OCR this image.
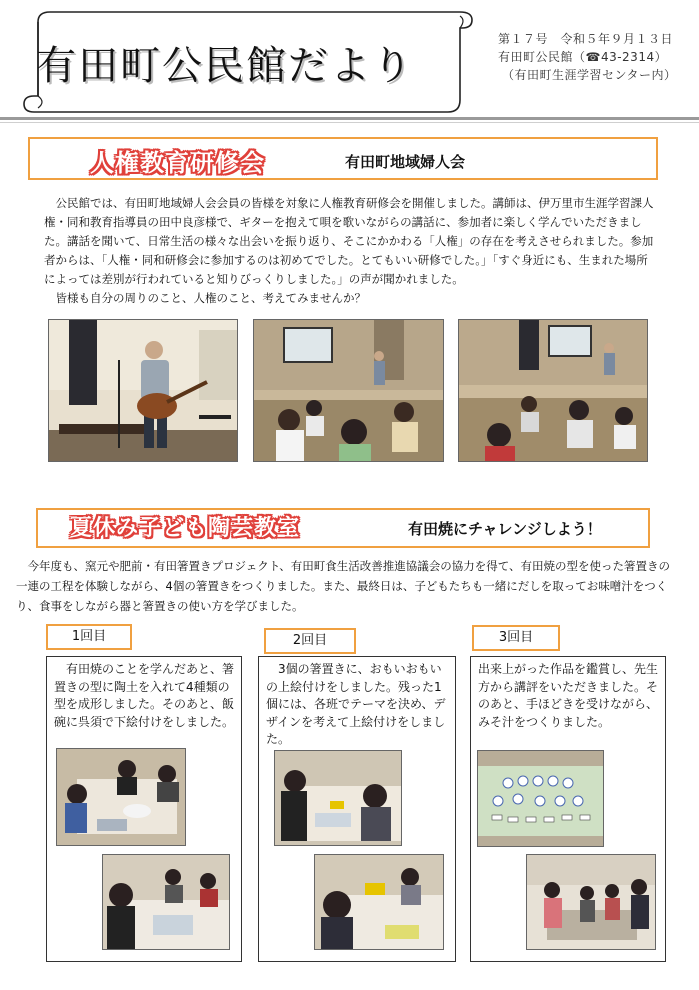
有田町公民館だより
第１７号　令和５年９月１３日
有田町公民館（☎43-2314）
（有田町生涯学習センター内）
人権教育研修会	有田町地域婦人会

　公民館では、有田町地域婦人会会員の皆様を対象に人権教育研修会を開催しました。講師は、伊万里市生涯学習課人権・同和教育指導員の田中良彦様で、ギターを抱えて唄を歌いながらの講話に、参加者に楽しく学んでいただきました。講話を聞いて、日常生活の様々な出会いを振り返り、そこにかかわる「人権」の存在を考えさせられました。参加者からは、「人権・同和研修会に参加するのは初めてでした。とてもいい研修でした。」「すぐ身近にも、生まれた場所によっては差別が行われていると知りびっくりしました。」の声が聞かれました。

　皆様も自分の周りのこと、人権のこと、考えてみませんか？

夏休み子ども陶芸教室	有田焼にチャレンジしよう！

　今年度も、窯元や肥前・有田箸置きプロジェクト、有田町食生活改善推進協議会の協力を得て、有田焼の型を使った箸置きの一連の工程を体験しながら、4個の箸置きをつくりました。また、最終日は、子どもたちも一緒にだしを取ってお味噌汁をつくり、食事をしながら器と箸置きの使い方を学びました。

1回目
　有田焼のことを学んだあと、箸置きの型に陶土を入れて4種類の型を成形しました。そのあと、飯碗に呉須で下絵付けをしました。
2回目
　3個の箸置きに、おもいおもいの上絵付けをしました。残った1個には、各班でテーマを決め、デザインを考えて上絵付けをしました。
3回目
出来上がった作品を鑑賞し、先生方から講評をいただきました。そのあと、手ほどきを受けながら、みそ汁をつくりました。
